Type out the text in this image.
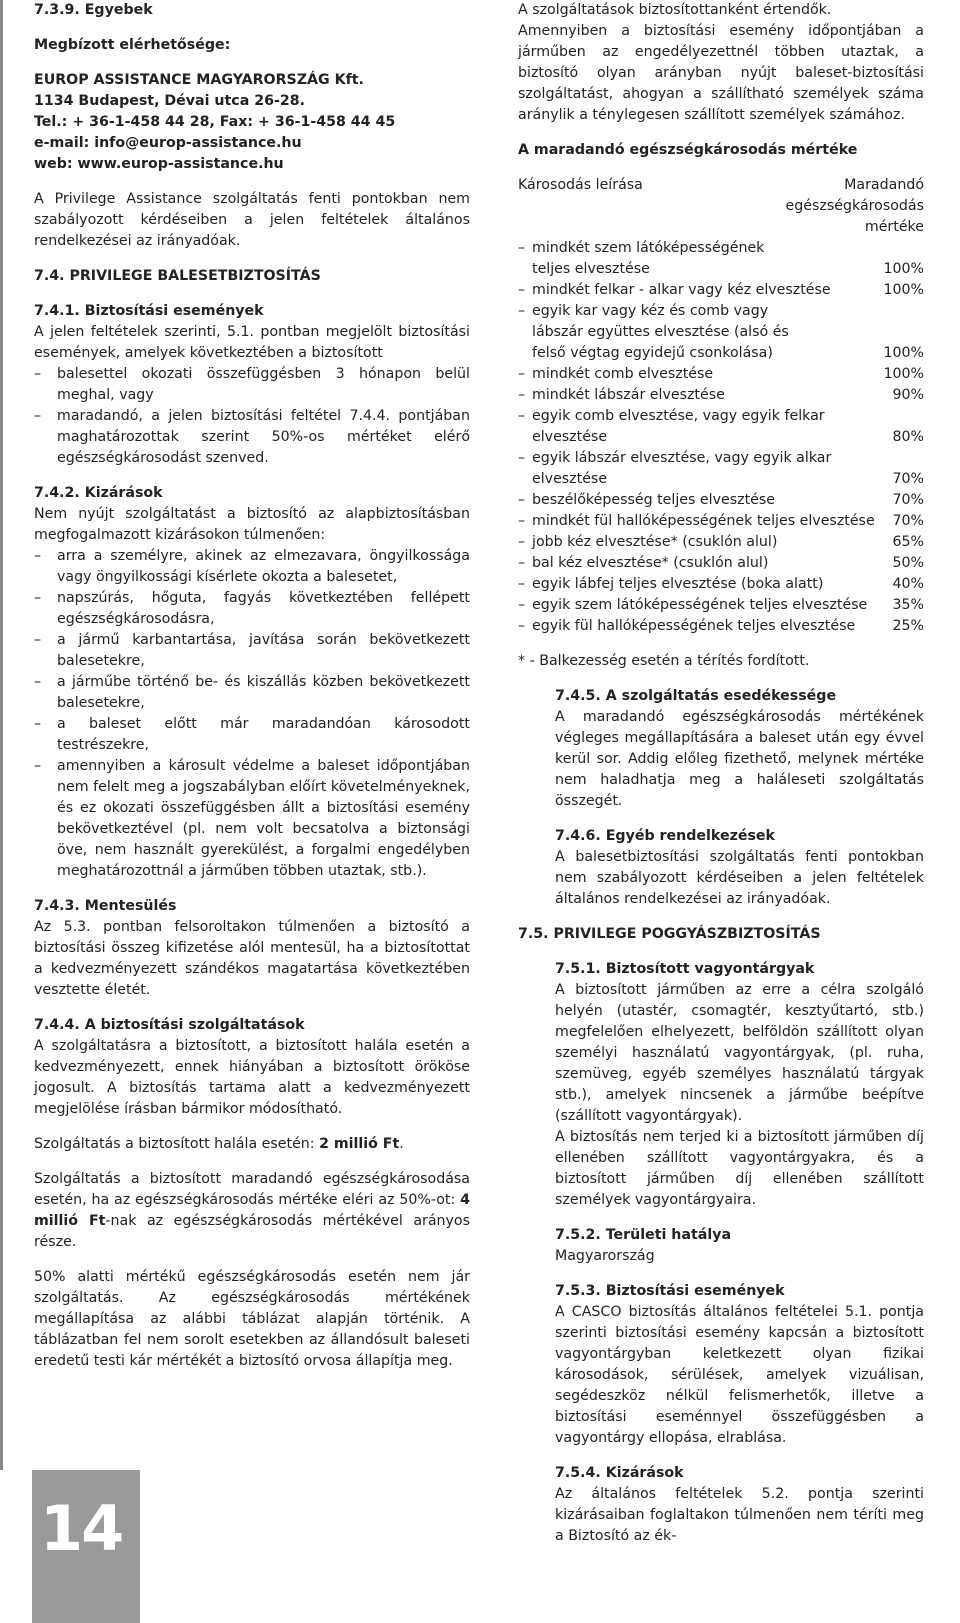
7.3.9. Egyebek

Megbízott elérhetősége:

EUROP ASSISTANCE MAGYARORSZÁG Kft.

1134 Budapest, Dévai utca 26-28.

Tel.: + 36-1-458 44 28, Fax: + 36-1-458 44 45

e-mail: info@europ-assistance.hu

web: www.europ-assistance.hu

A Privilege Assistance szolgáltatás fenti pontokban nem szabályozott kérdéseiben a jelen feltételek általános rendelkezései az irányadóak.

7.4. PRIVILEGE BALESETBIZTOSÍTÁS

7.4.1. Biztosítási események

A jelen feltételek szerinti, 5.1. pontban megjelölt biztosítási események, amelyek következtében a biztosított

– balesettel okozati összefüggésben 3 hónapon belül meghal, vagy

– maradandó, a jelen biztosítási feltétel 7.4.4. pontjában maghatározottak szerint 50%-os mértéket elérő egészségkárosodást szenved.

7.4.2. Kizárások

Nem nyújt szolgáltatást a biztosító az alapbiztosításban megfogalmazott kizárásokon túlmenően:

– arra a személyre, akinek az elmezavara, öngyilkossága vagy öngyilkossági kísérlete okozta a balesetet,

– napszúrás, hőguta, fagyás következtében fellépett egészségkárosodásra,

– a jármű karbantartása, javítása során bekövetkezett balesetekre,

– a járműbe történő be- és kiszállás közben bekövetkezett balesetekre,

– a baleset előtt már maradandóan károsodott testrészekre,

– amennyiben a károsult védelme a baleset időpontjában nem felelt meg a jogszabályban előírt követelményeknek, és ez okozati összefüggésben állt a biztosítási esemény bekövetkeztével (pl. nem volt becsatolva a biztonsági öve, nem használt gyerekülést, a forgalmi engedélyben meghatározottnál a járműben többen utaztak, stb.).

7.4.3. Mentesülés

Az 5.3. pontban felsoroltakon túlmenően a biztosító a biztosítási összeg kifizetése alól mentesül, ha a biztosítottat a kedvezményezett szándékos magatartása következtében vesztette életét.

7.4.4. A biztosítási szolgáltatások

A szolgáltatásra a biztosított, a biztosított halála esetén a kedvezményezett, ennek hiányában a biztosított örököse jogosult. A biztosítás tartama alatt a kedvezményezett megjelölése írásban bármikor módosítható.

Szolgáltatás a biztosított halála esetén: 2 millió Ft.

Szolgáltatás a biztosított maradandó egészségkárosodása esetén, ha az egészségkárosodás mértéke eléri az 50%-ot: 4 millió Ft-nak az egészségkárosodás mértékével arányos része.

50% alatti mértékű egészségkárosodás esetén nem jár szolgáltatás. Az egészségkárosodás mértékének megállapítása az alábbi táblázat alapján történik. A táblázatban fel nem sorolt esetekben az állandósult baleseti eredetű testi kár mértékét a biztosító orvosa állapítja meg.

A szolgáltatások biztosítottanként értendők.

Amennyiben a biztosítási esemény időpontjában a járműben az engedélyezettnél többen utaztak, a biztosító olyan arányban nyújt baleset-biztosítási szolgáltatást, ahogyan a szállítható személyek száma aránylik a ténylegesen szállított személyek számához.

A maradandó egészségkárosodás mértéke

Károsodás leírása	Maradandó
egészségkárosodás
mértéke
– mindkét szem látóképességének
teljes elvesztése	100%
– mindkét felkar - alkar vagy kéz elvesztése	100%
– egyik kar vagy kéz és comb vagy
lábszár együttes elvesztése (alsó és
felső végtag egyidejű csonkolása)	100%
– mindkét comb elvesztése	100%
– mindkét lábszár elvesztése	90%
– egyik comb elvesztése, vagy egyik felkar elvesztése	80%
– egyik lábszár elvesztése, vagy egyik alkar elvesztése	70%
– beszélőképesség teljes elvesztése	70%
– mindkét fül hallóképességének teljes elvesztése	70%
– jobb kéz elvesztése* (csuklón alul)	65%
– bal kéz elvesztése* (csuklón alul)	50%
– egyik lábfej teljes elvesztése (boka alatt)	40%
– egyik szem látóképességének teljes elvesztése	35%
– egyik fül hallóképességének teljes elvesztése	25%

* - Balkezesség esetén a térítés fordított.

7.4.5. A szolgáltatás esedékessége

A maradandó egészségkárosodás mértékének végleges megállapítására a baleset után egy évvel kerül sor. Addig előleg fizethető, melynek mértéke nem haladhatja meg a haláleseti szolgáltatás összegét.

7.4.6. Egyéb rendelkezések

A balesetbiztosítási szolgáltatás fenti pontokban nem szabályozott kérdéseiben a jelen feltételek általános rendelkezései az irányadóak.

7.5. PRIVILEGE POGGYÁSZBIZTOSÍTÁS

7.5.1. Biztosított vagyontárgyak

A biztosított járműben az erre a célra szolgáló helyén (utastér, csomagtér, kesztyűtartó, stb.) megfelelően elhelyezett, belföldön szállított olyan személyi használatú vagyontárgyak, (pl. ruha, szemüveg, egyéb személyes használatú tárgyak stb.), amelyek nincsenek a járműbe beépítve (szállított vagyontárgyak).

A biztosítás nem terjed ki a biztosított járműben díj ellenében szállított vagyontárgyakra, és a biztosított járműben díj ellenében szállított személyek vagyontárgyaira.

7.5.2. Területi hatálya

Magyarország

7.5.3. Biztosítási események

A CASCO biztosítás általános feltételei 5.1. pontja szerinti biztosítási esemény kapcsán a biztosított vagyontárgyban keletkezett olyan fizikai károsodások, sérülések, amelyek vizuálisan, segédeszköz nélkül felismerhetők, illetve a biztosítási eseménnyel összefüggésben a vagyontárgy ellopása, elrablása.

7.5.4. Kizárások

Az általános feltételek 5.2. pontja szerinti kizárásaiban foglaltakon túlmenően nem téríti meg a Biztosító az ék-

14
